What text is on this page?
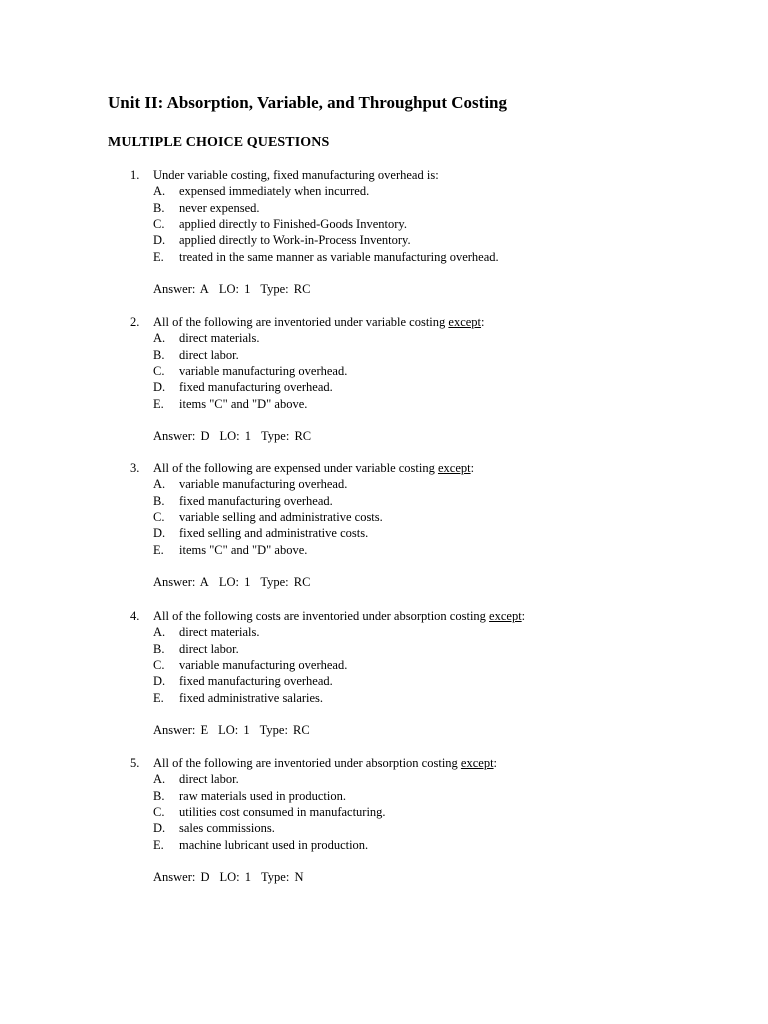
Unit II: Absorption, Variable, and Throughput Costing
MULTIPLE CHOICE QUESTIONS
1. Under variable costing, fixed manufacturing overhead is:
A. expensed immediately when incurred.
B. never expensed.
C. applied directly to Finished-Goods Inventory.
D. applied directly to Work-in-Process Inventory.
E. treated in the same manner as variable manufacturing overhead.
Answer: A LO: 1 Type: RC
2. All of the following are inventoried under variable costing except:
A. direct materials.
B. direct labor.
C. variable manufacturing overhead.
D. fixed manufacturing overhead.
E. items "C" and "D" above.
Answer: D LO: 1 Type: RC
3. All of the following are expensed under variable costing except:
A. variable manufacturing overhead.
B. fixed manufacturing overhead.
C. variable selling and administrative costs.
D. fixed selling and administrative costs.
E. items "C" and "D" above.
Answer: A LO: 1 Type: RC
4. All of the following costs are inventoried under absorption costing except:
A. direct materials.
B. direct labor.
C. variable manufacturing overhead.
D. fixed manufacturing overhead.
E. fixed administrative salaries.
Answer: E LO: 1 Type: RC
5. All of the following are inventoried under absorption costing except:
A. direct labor.
B. raw materials used in production.
C. utilities cost consumed in manufacturing.
D. sales commissions.
E. machine lubricant used in production.
Answer: D LO: 1 Type: N
